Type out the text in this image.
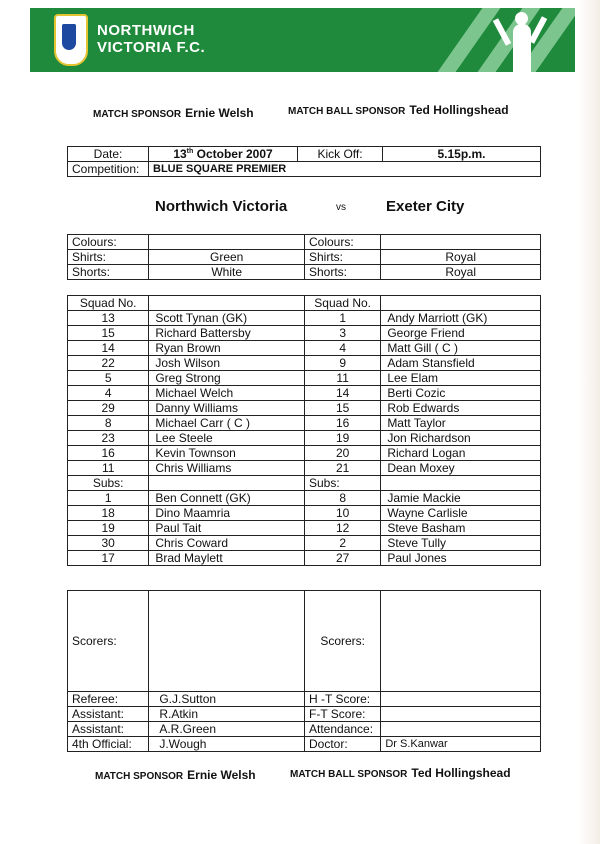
NORTHWICH
VICTORIA F.C.
MATCH SPONSOR Ernie Welsh	MATCH BALL SPONSOR Ted Hollingshead
Date:	13th October 2007	Kick Off:	5.15p.m.
Competition:	BLUE SQUARE PREMIER		
Northwich Victoria	vs	Exeter City
Colours:		Colours:	
Shirts:	Green	Shirts:	Royal
Shorts:	White	Shorts:	Royal
Squad No.		Squad No.	
13	Scott Tynan (GK)	1	Andy Marriott (GK)
15	Richard Battersby	3	George Friend
14	Ryan Brown	4	Matt Gill ( C )
22	Josh Wilson	9	Adam Stansfield
5	Greg Strong	11	Lee Elam
4	Michael Welch	14	Berti Cozic
29	Danny Williams	15	Rob Edwards
8	Michael Carr ( C )	16	Matt Taylor
23	Lee Steele	19	Jon Richardson
16	Kevin Townson	20	Richard Logan
11	Chris Williams	21	Dean Moxey
Subs:		Subs:	
1	Ben Connett (GK)	8	Jamie Mackie
18	Dino Maamria	10	Wayne Carlisle
19	Paul Tait	12	Steve Basham
30	Chris Coward	2	Steve Tully
17	Brad Maylett	27	Paul Jones
Scorers:		Scorers:	
Referee:	G.J.Sutton	H -T Score:	
Assistant:	R.Atkin	F-T Score:	
Assistant:	A.R.Green	Attendance:	
4th Official:	J.Wough	Doctor:	Dr S.Kanwar
MATCH SPONSOR Ernie Welsh	MATCH BALL SPONSOR Ted Hollingshead
